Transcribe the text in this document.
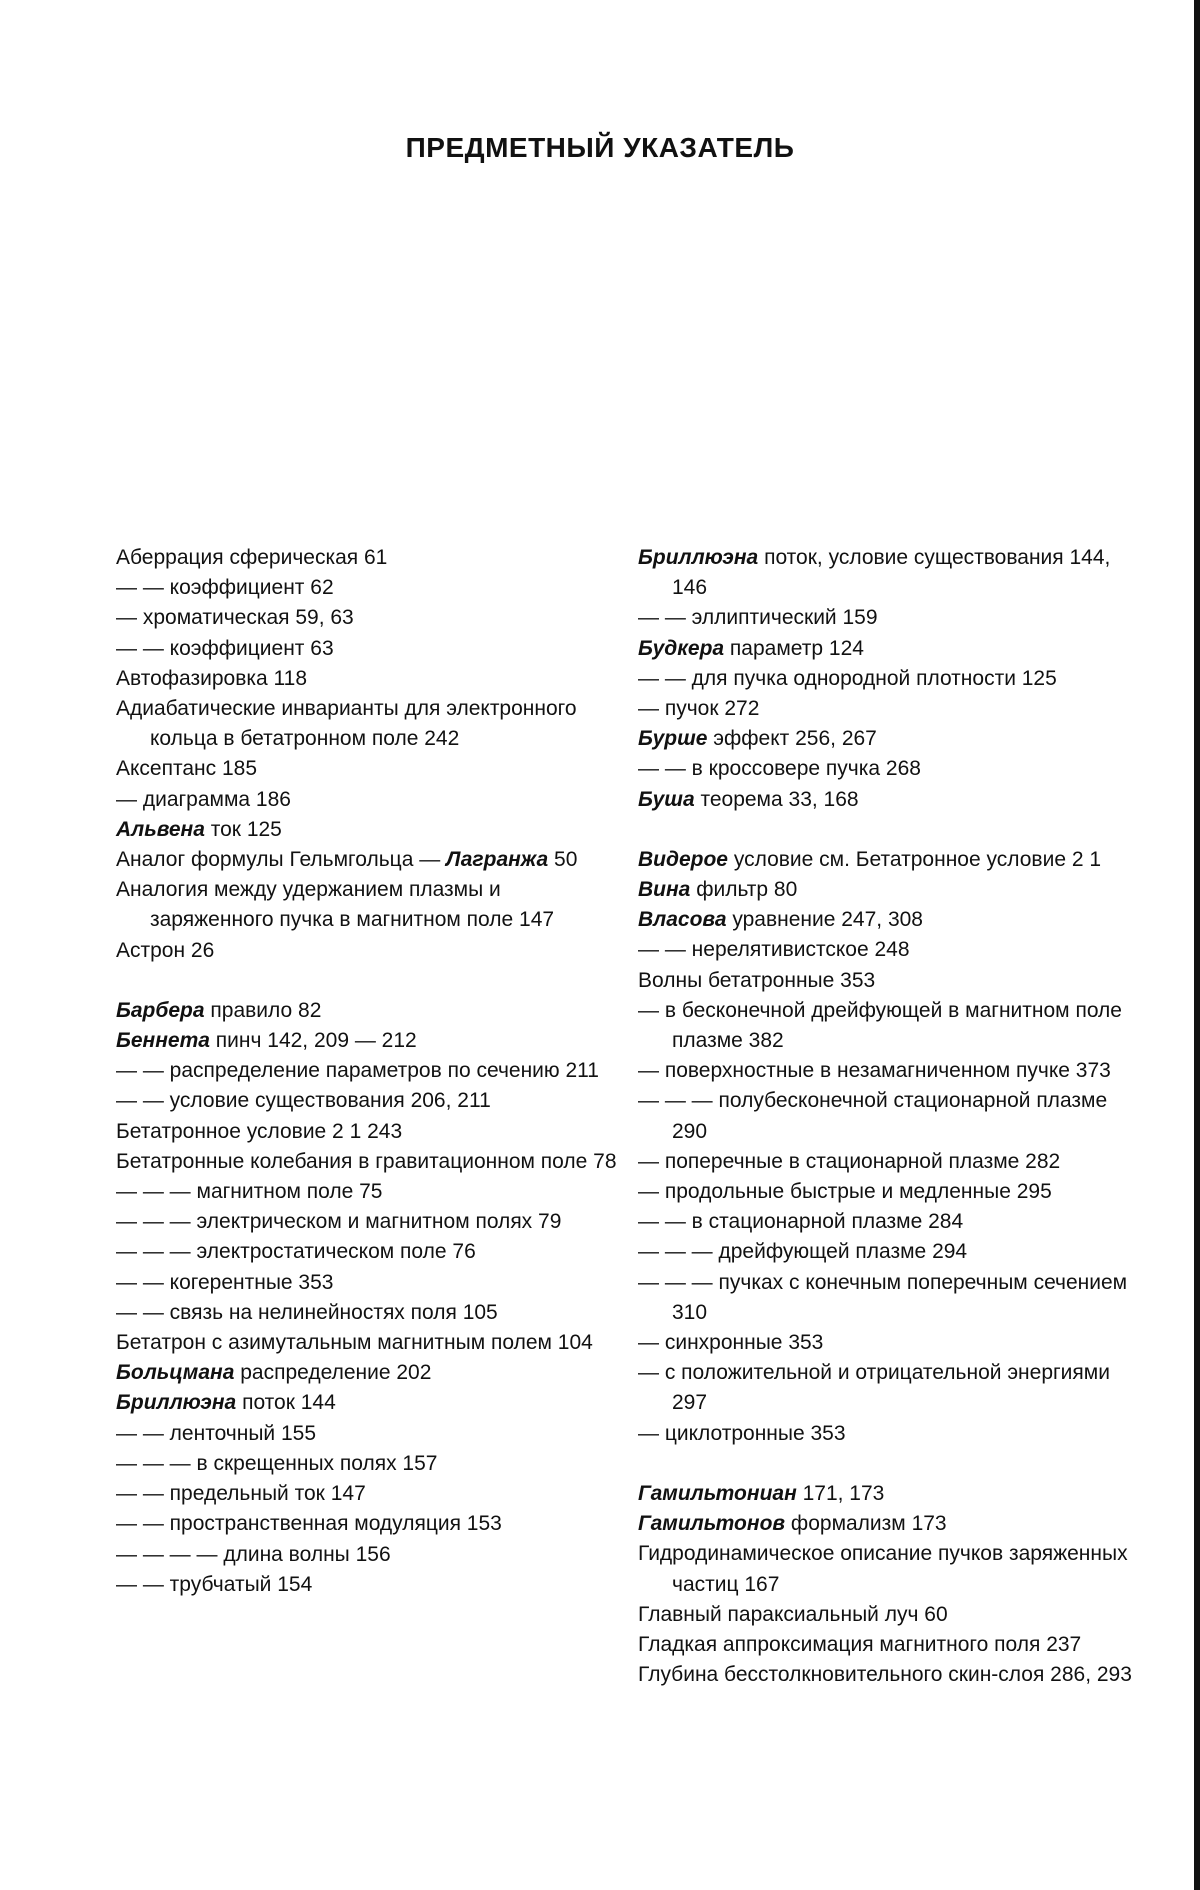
ПРЕДМЕТНЫЙ УКАЗАТЕЛЬ
Аберрация сферическая 61
— — коэффициент 62
— хроматическая 59, 63
— — коэффициент 63
Автофазировка 118
Адиабатические инварианты для электронного кольца в бетатронном поле 242
Аксептанс 185
— диаграмма 186
Альвена ток 125
Аналог формулы Гельмгольца — Лагранжа 50
Аналогия между удержанием плазмы и заряженного пучка в магнитном поле 147
Астрон 26
Барбера правило 82
Беннета пинч 142, 209 — 212
— — распределение параметров по сечению 211
— — условие существования 206, 211
Бетатронное условие 2 1 243
Бетатронные колебания в гравитационном поле 78
— — — магнитном поле 75
— — — электрическом и магнитном полях 79
— — — электростатическом поле 76
— — когерентные 353
— — связь на нелинейностях поля 105
Бетатрон с азимутальным магнитным полем 104
Больцмана распределение 202
Бриллюэна поток 144
— — ленточный 155
— — — в скрещенных полях 157
— — предельный ток 147
— — пространственная модуляция 153
— — — — длина волны 156
— — трубчатый 154
Бриллюэна поток, условие существования 144, 146
— — эллиптический 159
Будкера параметр 124
— — для пучка однородной плотности 125
— пучок 272
Бурше эффект 256, 267
— — в кроссовере пучка 268
Буша теорема 33, 168
Видерое условие см. Бетатронное условие 2 1
Вина фильтр 80
Власова уравнение 247, 308
— — нерелятивистское 248
Волны бетатронные 353
— в бесконечной дрейфующей в магнитном поле плазме 382
— поверхностные в незамагниченном пучке 373
— — — полубесконечной стационарной плазме 290
— поперечные в стационарной плазме 282
— продольные быстрые и медленные 295
— — в стационарной плазме 284
— — — дрейфующей плазме 294
— — — пучках с конечным поперечным сечением 310
— синхронные 353
— с положительной и отрицательной энергиями 297
— циклотронные 353
Гамильтониан 171, 173
Гамильтонов формализм 173
Гидродинамическое описание пучков заряженных частиц 167
Главный параксиальный луч 60
Гладкая аппроксимация магнитного поля 237
Глубина бесстолкновительного скин-слоя 286, 293
